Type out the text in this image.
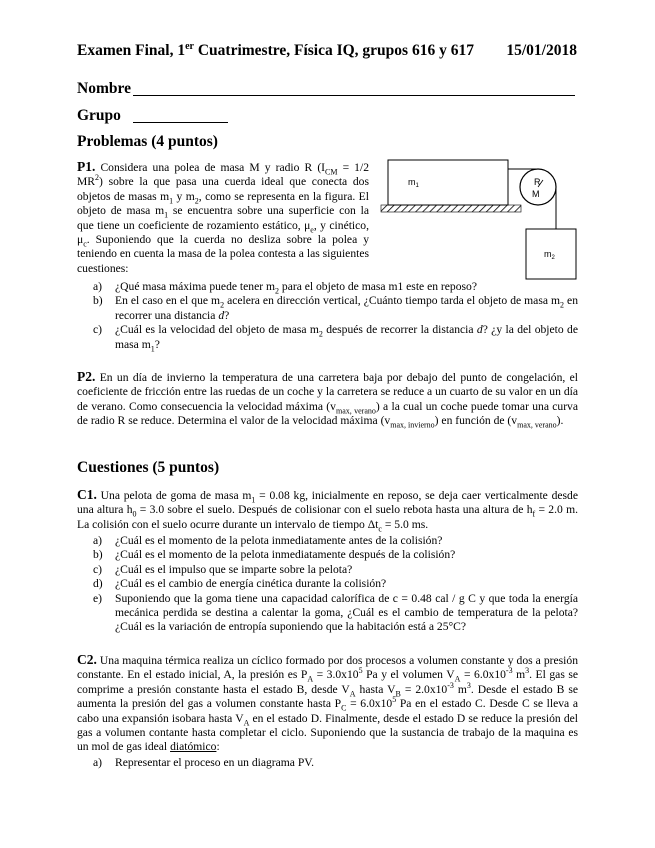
Examen Final, 1er Cuatrimestre, Física IQ, grupos 616 y 617 15/01/2018
Nombre
Grupo
Problemas (4 puntos)
P1. Considera una polea de masa M y radio R ($I_{CM} = 1/2$ $MR^2$) sobre la que pasa una cuerda ideal que conecta dos objetos de masas $m_1$ y $m_2$, como se representa en la figura. El objeto de masa $m_1$ se encuentra sobre una superficie con la que tiene un coeficiente de rozamiento estático, $\mu_e$, y cinético, $\mu_c$. Suponiendo que la cuerda no desliza sobre la polea y teniendo en cuenta la masa de la polea contesta a las siguientes cuestiones:
$m_1$	R
M
$m_2$
a) ¿Qué masa máxima puede tener $m_2$ para el objeto de masa m1 este en reposo?
b) En el caso en el que $m_2$ acelera en dirección vertical, ¿Cuánto tiempo tarda el objeto de masa $m_2$ en recorrer una distancia d?
c) ¿Cuál es la velocidad del objeto de masa $m_2$ después de recorrer la distancia d? ¿y la del objeto de masa $m_1$?
P2. En un día de invierno la temperatura de una carretera baja por debajo del punto de congelación, el coeficiente de fricción entre las ruedas de un coche y la carretera se reduce a un cuarto de su valor en un día de verano. Como consecuencia la velocidad máxima $(v_{max, verano})$ a la cual un coche puede tomar una curva de radio R se reduce. Determina el valor de la velocidad máxima $(v_{max, invierno})$ en función de $(v_{max, verano})$.
Cuestiones (5 puntos)
C1. Una pelota de goma de masa $m_1 = 0.08$ kg, inicialmente en reposo, se deja caer verticalmente desde una altura $h_0 = 3.0$ sobre el suelo. Después de colisionar con el suelo rebota hasta una altura de $h_f = 2.0$ m. La colisión con el suelo ocurre durante un intervalo de tiempo $\Delta t_c = 5.0$ ms.
a) ¿Cuál es el momento de la pelota inmediatamente antes de la colisión?
b) ¿Cuál es el momento de la pelota inmediatamente después de la colisión?
c) ¿Cuál es el impulso que se imparte sobre la pelota?
d) ¿Cuál es el cambio de energía cinética durante la colisión?
e) Suponiendo que la goma tiene una capacidad calorífica de c = 0.48 cal / g C y que toda la energía mecánica perdida se destina a calentar la goma, ¿Cuál es el cambio de temperatura de la pelota? ¿Cuál es la variación de entropía suponiendo que la habitación está a 25°C?
C2. Una maquina térmica realiza un cíclico formado por dos procesos a volumen constante y dos a presión constante. En el estado inicial, A, la presión es $P_A = 3.0x10^5$ Pa y el volumen $V_A = 6.0x10^{-3}$ $m^3$. El gas se comprime a presión constante hasta el estado B, desde $V_A$ hasta $V_B = 2.0x10^{-3}$ $m^3$. Desde el estado B se aumenta la presión del gas a volumen constante hasta $P_C = 6.0x10^5$ Pa en el estado C. Desde C se lleva a cabo una expansión isobara hasta $V_A$ en el estado D. Finalmente, desde el estado D se reduce la presión del gas a volumen contante hasta completar el ciclo. Suponiendo que la sustancia de trabajo de la maquina es un mol de gas ideal diatómico:
a) Representar el proceso en un diagrama PV.
